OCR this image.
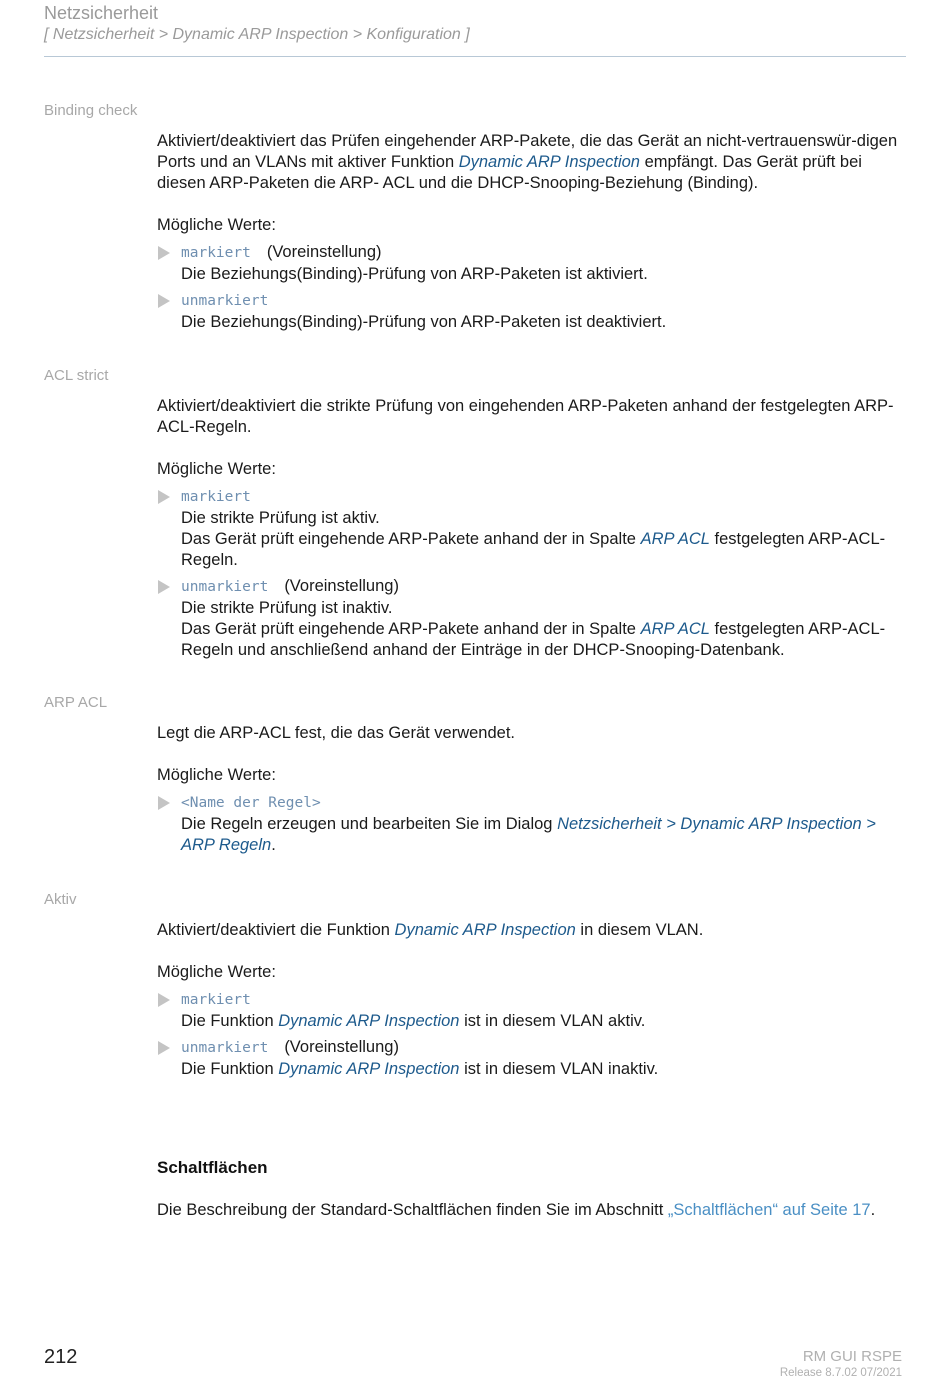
Netzsicherheit
[ Netzsicherheit > Dynamic ARP Inspection > Konfiguration ]
Binding check

Aktiviert/deaktiviert das Prüfen eingehender ARP-Pakete, die das Gerät an nicht-vertrauenswür-digen Ports und an VLANs mit aktiver Funktion Dynamic ARP Inspection empfängt. Das Gerät prüft bei diesen ARP-Paketen die ARP- ACL und die DHCP-Snooping-Beziehung (Binding).

Mögliche Werte:

markiert (Voreinstellung)
Die Beziehungs(Binding)-Prüfung von ARP-Paketen ist aktiviert.
unmarkiert
Die Beziehungs(Binding)-Prüfung von ARP-Paketen ist deaktiviert.
ACL strict

Aktiviert/deaktiviert die strikte Prüfung von eingehenden ARP-Paketen anhand der festgelegten ARP-ACL-Regeln.

Mögliche Werte:

markiert
Die strikte Prüfung ist aktiv.
Das Gerät prüft eingehende ARP-Pakete anhand der in Spalte ARP ACL festgelegten ARP-ACL-Regeln.
unmarkiert (Voreinstellung)
Die strikte Prüfung ist inaktiv.
Das Gerät prüft eingehende ARP-Pakete anhand der in Spalte ARP ACL festgelegten ARP-ACL-Regeln und anschließend anhand der Einträge in der DHCP-Snooping-Datenbank.
ARP ACL

Legt die ARP-ACL fest, die das Gerät verwendet.

Mögliche Werte:

<Name der Regel>
Die Regeln erzeugen und bearbeiten Sie im Dialog Netzsicherheit > Dynamic ARP Inspection > ARP Regeln.
Aktiv

Aktiviert/deaktiviert die Funktion Dynamic ARP Inspection in diesem VLAN.

Mögliche Werte:

markiert
Die Funktion Dynamic ARP Inspection ist in diesem VLAN aktiv.
unmarkiert (Voreinstellung)
Die Funktion Dynamic ARP Inspection ist in diesem VLAN inaktiv.
Schaltflächen
Die Beschreibung der Standard-Schaltflächen finden Sie im Abschnitt „Schaltflächen“ auf Seite 17.
212	RM GUI RSPE
Release 8.7.02 07/2021
